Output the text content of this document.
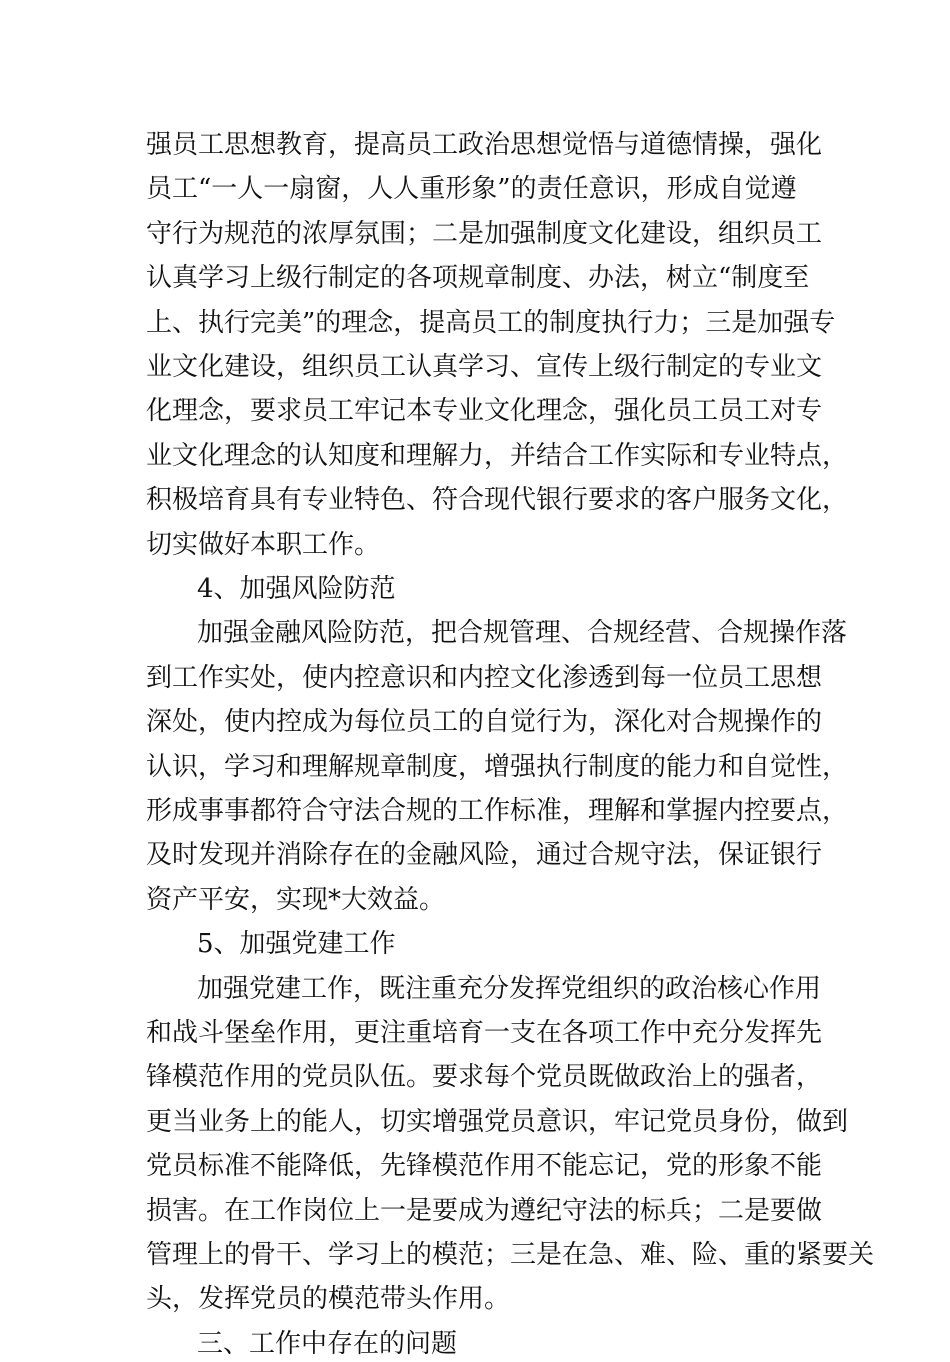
强员工思想教育，提高员工政治思想觉悟与道德情操，强化
员工“一人一扇窗，人人重形象”的责任意识，形成自觉遵
守行为规范的浓厚氛围；二是加强制度文化建设，组织员工
认真学习上级行制定的各项规章制度、办法，树立“制度至
上、执行完美”的理念，提高员工的制度执行力；三是加强专
业文化建设，组织员工认真学习、宣传上级行制定的专业文
化理念，要求员工牢记本专业文化理念，强化员工员工对专
业文化理念的认知度和理解力，并结合工作实际和专业特点，
积极培育具有专业特色、符合现代银行要求的客户服务文化，
切实做好本职工作。
4、加强风险防范
加强金融风险防范，把合规管理、合规经营、合规操作落
到工作实处，使内控意识和内控文化渗透到每一位员工思想
深处，使内控成为每位员工的自觉行为，深化对合规操作的
认识，学习和理解规章制度，增强执行制度的能力和自觉性，
形成事事都符合守法合规的工作标准，理解和掌握内控要点，
及时发现并消除存在的金融风险，通过合规守法，保证银行
资产平安，实现*大效益。
5、加强党建工作
加强党建工作，既注重充分发挥党组织的政治核心作用
和战斗堡垒作用，更注重培育一支在各项工作中充分发挥先
锋模范作用的党员队伍。要求每个党员既做政治上的强者，
更当业务上的能人，切实增强党员意识，牢记党员身份，做到
党员标准不能降低，先锋模范作用不能忘记，党的形象不能
损害。在工作岗位上一是要成为遵纪守法的标兵；二是要做
管理上的骨干、学习上的模范；三是在急、难、险、重的紧要关
头，发挥党员的模范带头作用。
三、工作中存在的问题
